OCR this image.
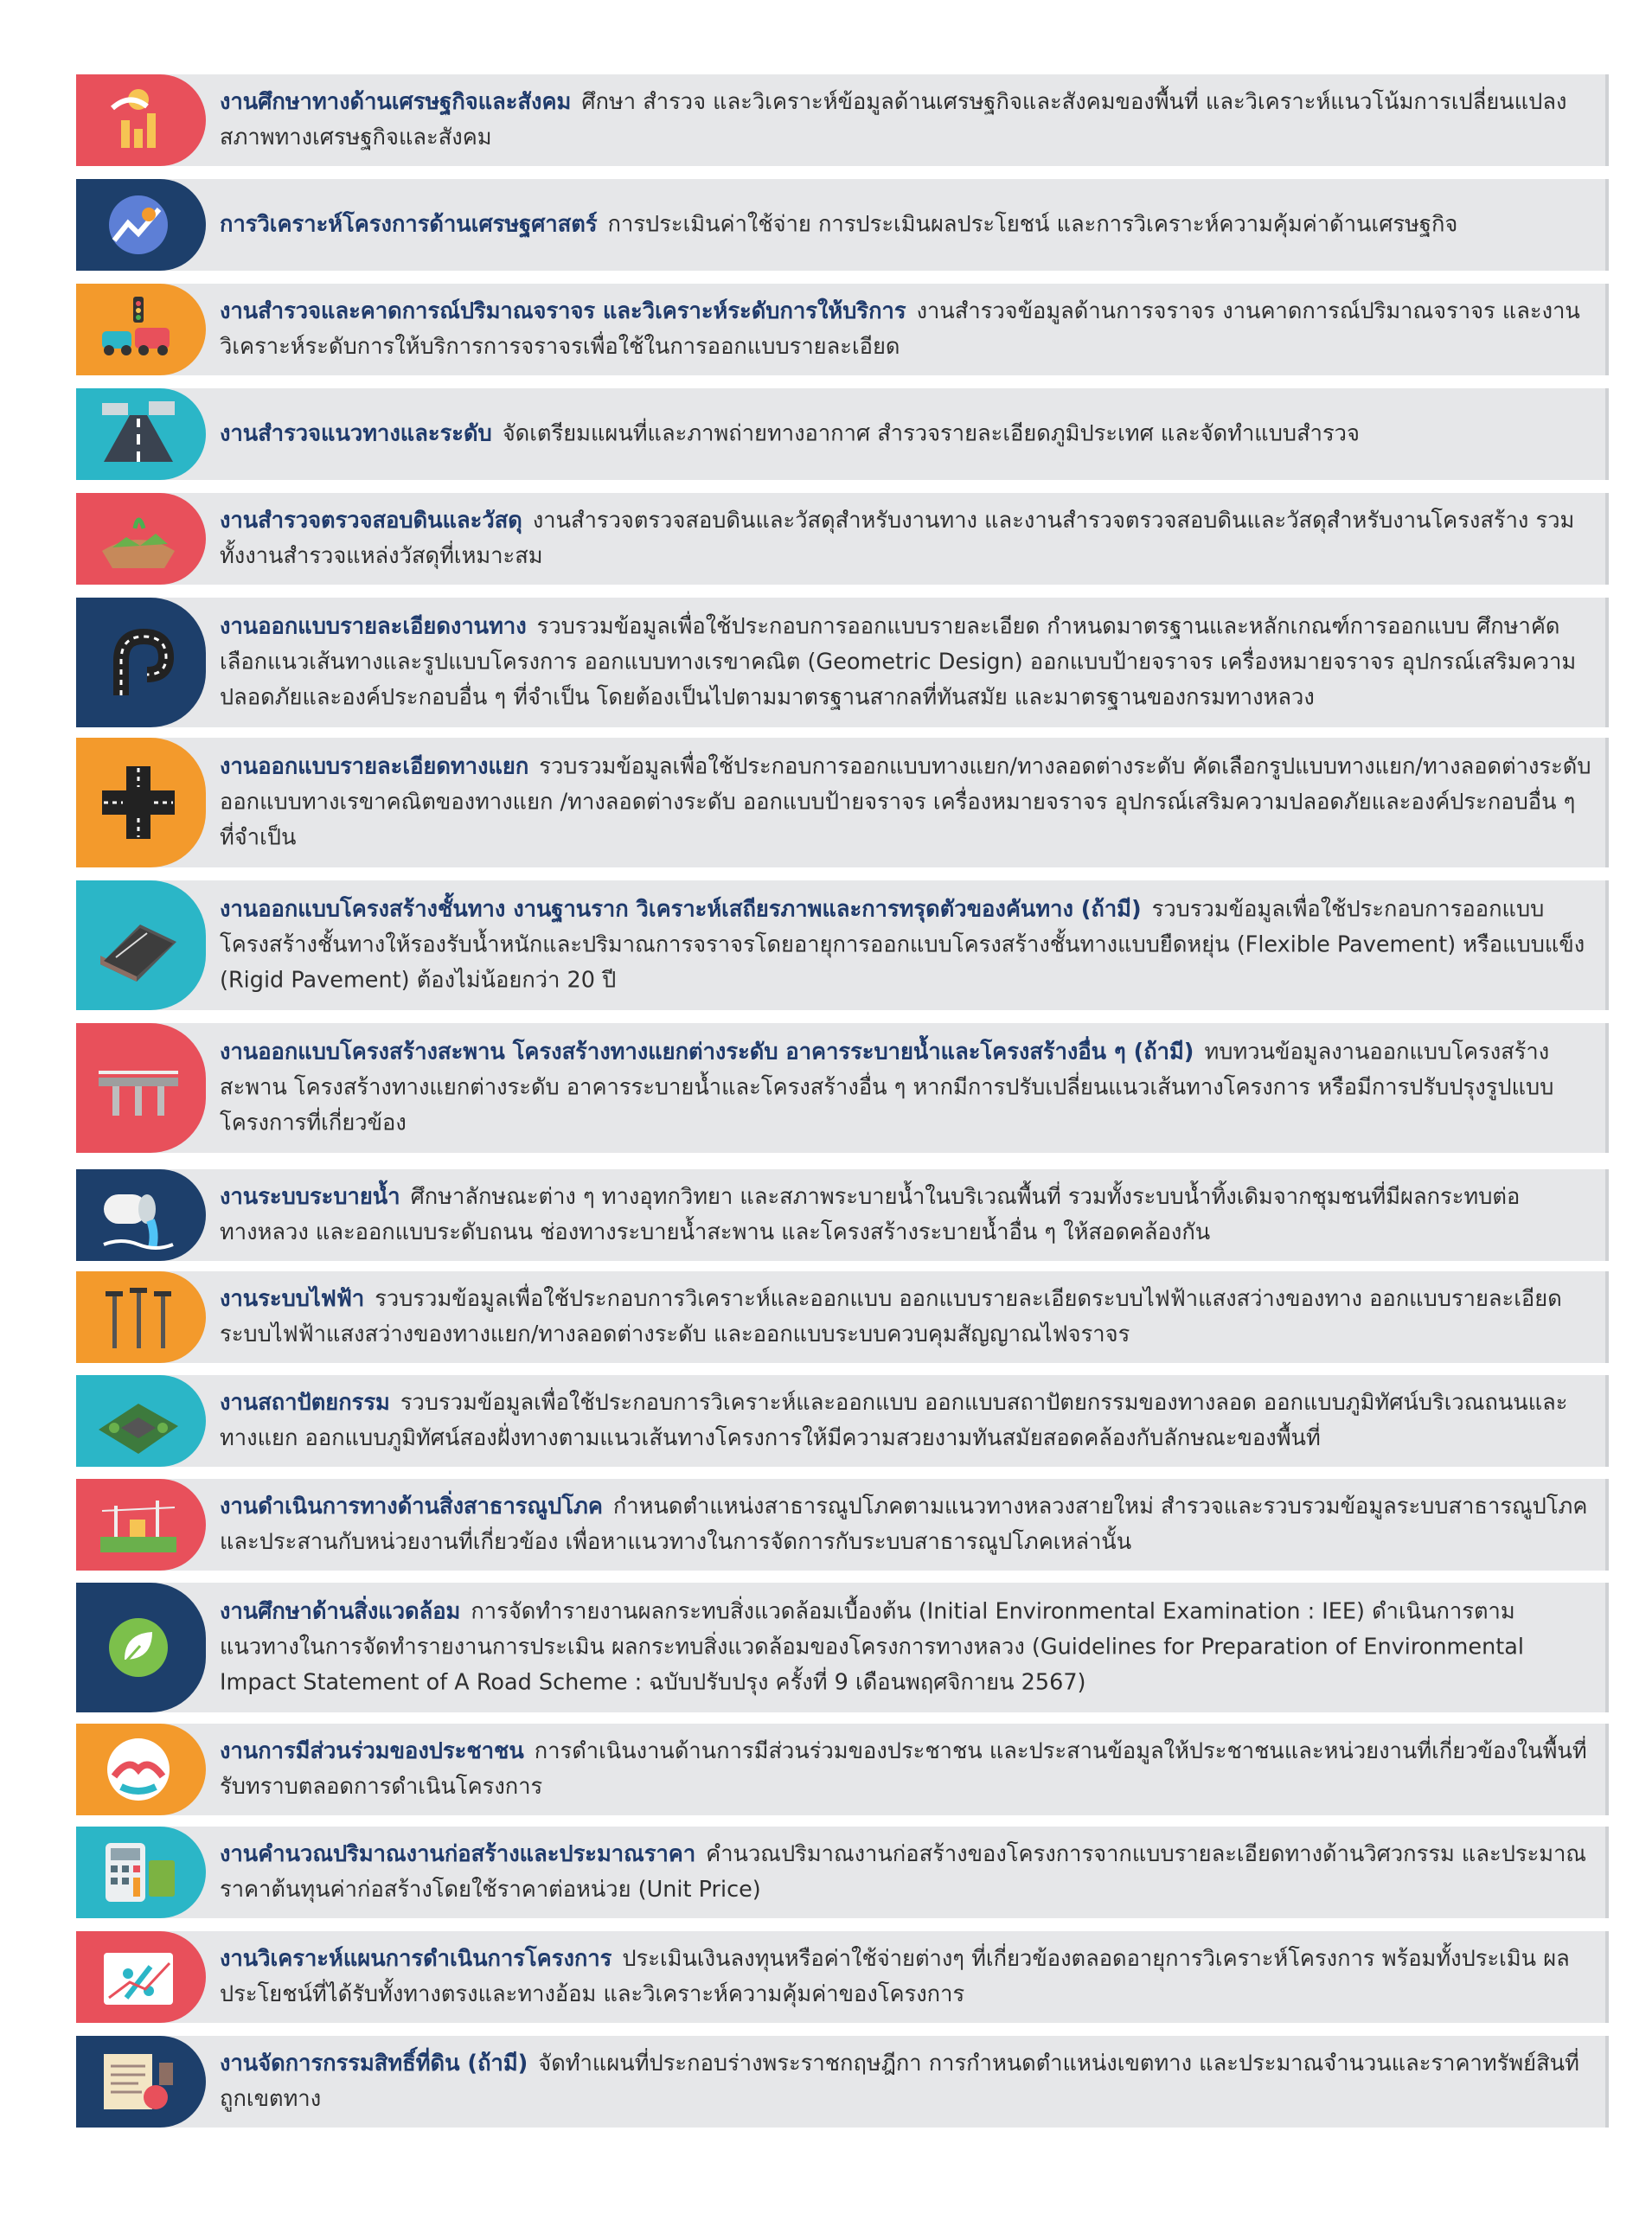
งานศึกษาทางด้านเศรษฐกิจและสังคม ศึกษา สำรวจ และวิเคราะห์ข้อมูลด้านเศรษฐกิจและสังคมของพื้นที่ และวิเคราะห์แนวโน้มการเปลี่ยนแปลงสภาพทางเศรษฐกิจและสังคม
การวิเคราะห์โครงการด้านเศรษฐศาสตร์ การประเมินค่าใช้จ่าย การประเมินผลประโยชน์ และการวิเคราะห์ความคุ้มค่าด้านเศรษฐกิจ
งานสำรวจและคาดการณ์ปริมาณจราจร และวิเคราะห์ระดับการให้บริการ งานสำรวจข้อมูลด้านการจราจร งานคาดการณ์ปริมาณจราจร และงานวิเคราะห์ระดับการให้บริการการจราจรเพื่อใช้ในการออกแบบรายละเอียด
งานสำรวจแนวทางและระดับ จัดเตรียมแผนที่และภาพถ่ายทางอากาศ สำรวจรายละเอียดภูมิประเทศ และจัดทำแบบสำรวจ
งานสำรวจตรวจสอบดินและวัสดุ งานสำรวจตรวจสอบดินและวัสดุสำหรับงานทาง และงานสำรวจตรวจสอบดินและวัสดุสำหรับงานโครงสร้าง รวมทั้งงานสำรวจแหล่งวัสดุที่เหมาะสม
งานออกแบบรายละเอียดงานทาง รวบรวมข้อมูลเพื่อใช้ประกอบการออกแบบรายละเอียด กำหนดมาตรฐานและหลักเกณฑ์การออกแบบ ศึกษาคัดเลือกแนวเส้นทางและรูปแบบโครงการ ออกแบบทางเรขาคณิต (Geometric Design) ออกแบบป้ายจราจร เครื่องหมายจราจร อุปกรณ์เสริมความปลอดภัยและองค์ประกอบอื่น ๆ ที่จำเป็น โดยต้องเป็นไปตามมาตรฐานสากลที่ทันสมัย และมาตรฐานของกรมทางหลวง
งานออกแบบรายละเอียดทางแยก รวบรวมข้อมูลเพื่อใช้ประกอบการออกแบบทางแยก/ทางลอดต่างระดับ คัดเลือกรูปแบบทางแยก/ทางลอดต่างระดับ ออกแบบทางเรขาคณิตของทางแยก /ทางลอดต่างระดับ ออกแบบป้ายจราจร เครื่องหมายจราจร อุปกรณ์เสริมความปลอดภัยและองค์ประกอบอื่น ๆ ที่จำเป็น
งานออกแบบโครงสร้างชั้นทาง งานฐานราก วิเคราะห์เสถียรภาพและการทรุดตัวของคันทาง (ถ้ามี) รวบรวมข้อมูลเพื่อใช้ประกอบการออกแบบโครงสร้างชั้นทางให้รองรับน้ำหนักและปริมาณการจราจรโดยอายุการออกแบบโครงสร้างชั้นทางแบบยืดหยุ่น (Flexible Pavement) หรือแบบแข็ง (Rigid Pavement) ต้องไม่น้อยกว่า 20 ปี
งานออกแบบโครงสร้างสะพาน โครงสร้างทางแยกต่างระดับ อาคารระบายน้ำและโครงสร้างอื่น ๆ (ถ้ามี) ทบทวนข้อมูลงานออกแบบโครงสร้างสะพาน โครงสร้างทางแยกต่างระดับ อาคารระบายน้ำและโครงสร้างอื่น ๆ หากมีการปรับเปลี่ยนแนวเส้นทางโครงการ หรือมีการปรับปรุงรูปแบบโครงการที่เกี่ยวข้อง
งานระบบระบายน้ำ ศึกษาลักษณะต่าง ๆ ทางอุทกวิทยา และสภาพระบายน้ำในบริเวณพื้นที่ รวมทั้งระบบน้ำทิ้งเดิมจากชุมชนที่มีผลกระทบต่อทางหลวง และออกแบบระดับถนน ช่องทางระบายน้ำสะพาน และโครงสร้างระบายน้ำอื่น ๆ ให้สอดคล้องกัน
งานระบบไฟฟ้า รวบรวมข้อมูลเพื่อใช้ประกอบการวิเคราะห์และออกแบบ ออกแบบรายละเอียดระบบไฟฟ้าแสงสว่างของทาง ออกแบบรายละเอียดระบบไฟฟ้าแสงสว่างของทางแยก/ทางลอดต่างระดับ และออกแบบระบบควบคุมสัญญาณไฟจราจร
งานสถาปัตยกรรม รวบรวมข้อมูลเพื่อใช้ประกอบการวิเคราะห์และออกแบบ ออกแบบสถาปัตยกรรมของทางลอด ออกแบบภูมิทัศน์บริเวณถนนและทางแยก ออกแบบภูมิทัศน์สองฝั่งทางตามแนวเส้นทางโครงการให้มีความสวยงามทันสมัยสอดคล้องกับลักษณะของพื้นที่
งานดำเนินการทางด้านสิ่งสาธารณูปโภค กำหนดตำแหน่งสาธารณูปโภคตามแนวทางหลวงสายใหม่ สำรวจและรวบรวมข้อมูลระบบสาธารณูปโภคและประสานกับหน่วยงานที่เกี่ยวข้อง เพื่อหาแนวทางในการจัดการกับระบบสาธารณูปโภคเหล่านั้น
งานศึกษาด้านสิ่งแวดล้อม การจัดทำรายงานผลกระทบสิ่งแวดล้อมเบื้องต้น (Initial Environmental Examination : IEE) ดำเนินการตามแนวทางในการจัดทำรายงานการประเมิน ผลกระทบสิ่งแวดล้อมของโครงการทางหลวง (Guidelines for Preparation of Environmental Impact Statement of A Road Scheme : ฉบับปรับปรุง ครั้งที่ 9 เดือนพฤศจิกายน 2567)
งานการมีส่วนร่วมของประชาชน การดำเนินงานด้านการมีส่วนร่วมของประชาชน และประสานข้อมูลให้ประชาชนและหน่วยงานที่เกี่ยวข้องในพื้นที่รับทราบตลอดการดำเนินโครงการ
งานคำนวณปริมาณงานก่อสร้างและประมาณราคา คำนวณปริมาณงานก่อสร้างของโครงการจากแบบรายละเอียดทางด้านวิศวกรรม และประมาณราคาต้นทุนค่าก่อสร้างโดยใช้ราคาต่อหน่วย (Unit Price)
งานวิเคราะห์แผนการดำเนินการโครงการ ประเมินเงินลงทุนหรือค่าใช้จ่ายต่างๆ ที่เกี่ยวข้องตลอดอายุการวิเคราะห์โครงการ พร้อมทั้งประเมิน ผลประโยชน์ที่ได้รับทั้งทางตรงและทางอ้อม และวิเคราะห์ความคุ้มค่าของโครงการ
งานจัดการกรรมสิทธิ์ที่ดิน (ถ้ามี) จัดทำแผนที่ประกอบร่างพระราชกฤษฎีกา การกำหนดตำแหน่งเขตทาง และประมาณจำนวนและราคาทรัพย์สินที่ถูกเขตทาง
